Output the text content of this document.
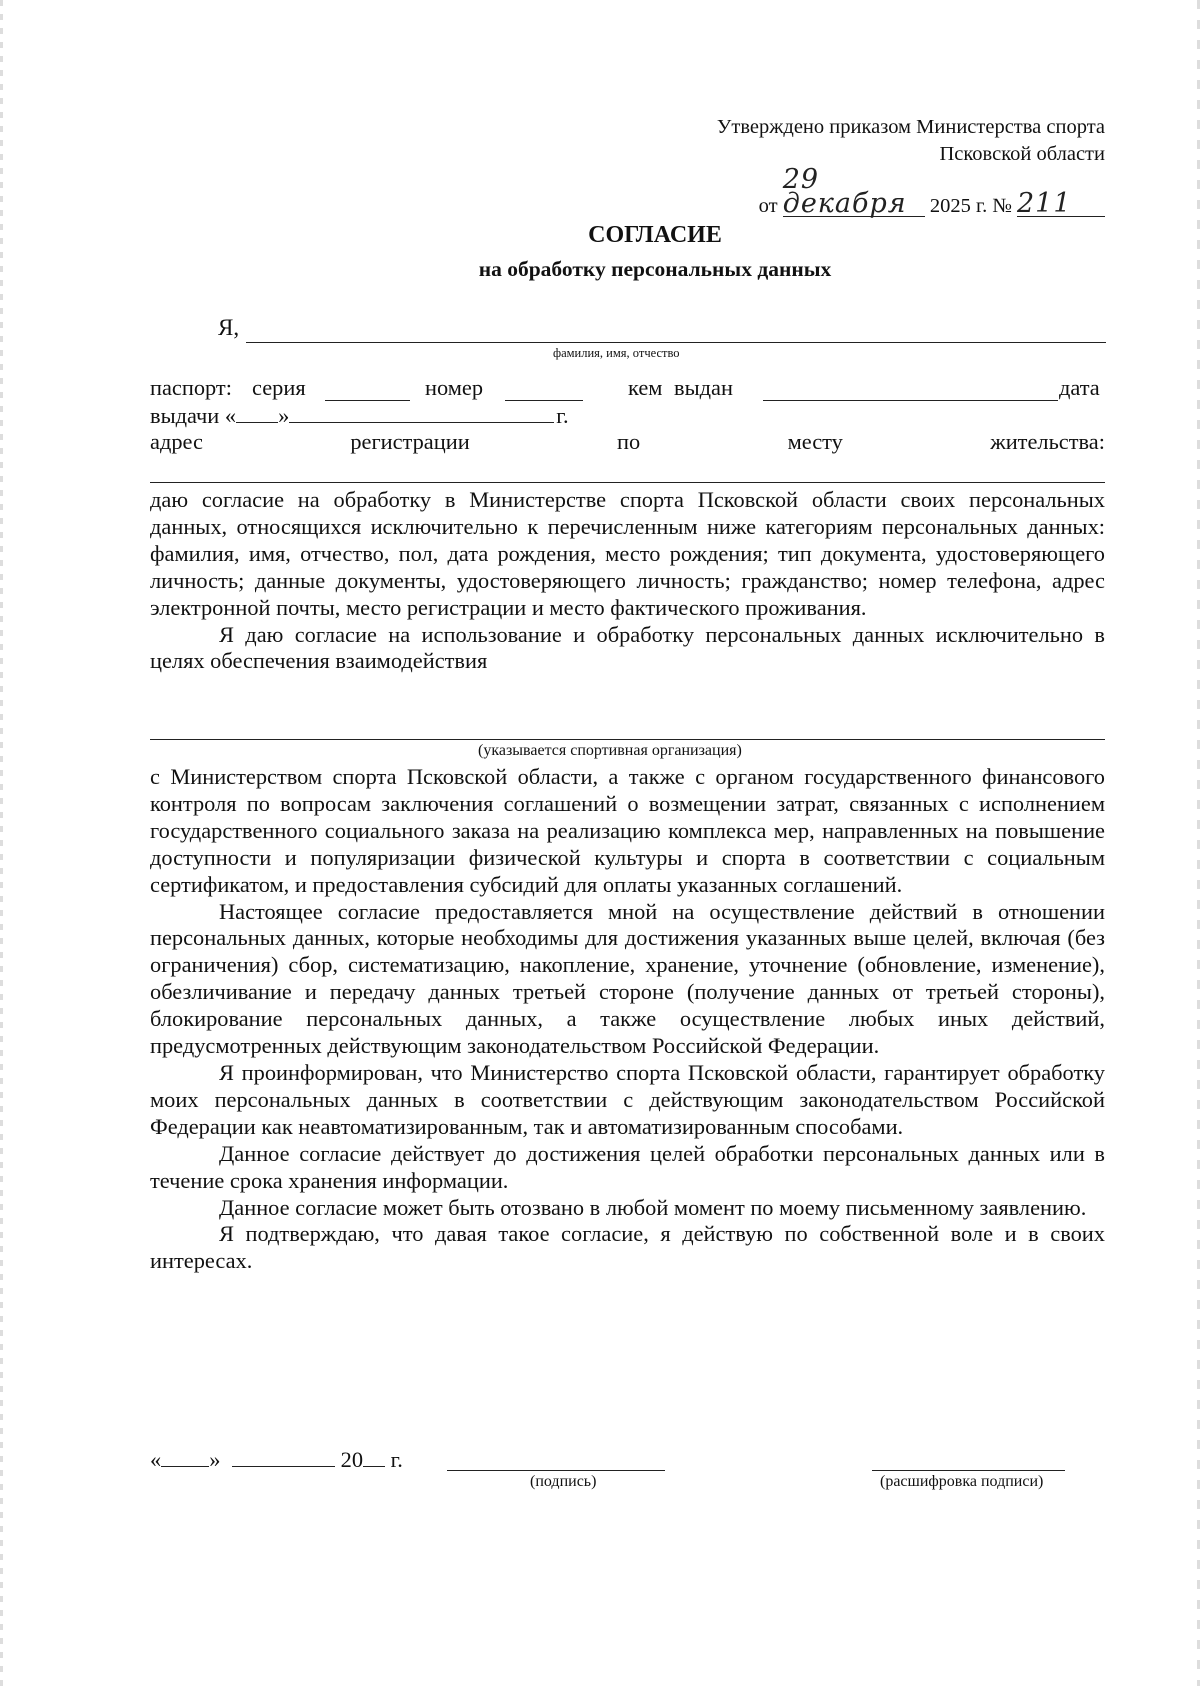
Утверждено приказом Министерства спорта
Псковской области
от 29 декабря 2025 г. № 211
СОГЛАСИЕ
на обработку персональных данных
Я,
фамилия, имя, отчество
паспорт: серия	номер	кем выдан	дата
выдачи « »	г.
адрес	регистрации	по	месту	жительства:

даю согласие на обработку в Министерстве спорта Псковской области своих персональных данных, относящихся исключительно к перечисленным ниже категориям персональных данных: фамилия, имя, отчество, пол, дата рождения, место рождения; тип документа, удостоверяющего личность; данные документы, удостоверяющего личность; гражданство; номер телефона, адрес электронной почты, место регистрации и место фактического проживания.

Я даю согласие на использование и обработку персональных данных исключительно в целях обеспечения взаимодействия

(указывается спортивная организация)

с Министерством спорта Псковской области, а также с органом государственного финансового контроля по вопросам заключения соглашений о возмещении затрат, связанных с исполнением государственного социального заказа на реализацию комплекса мер, направленных на повышение доступности и популяризации физической культуры и спорта в соответствии с социальным сертификатом, и предоставления субсидий для оплаты указанных соглашений.

Настоящее согласие предоставляется мной на осуществление действий в отношении персональных данных, которые необходимы для достижения указанных выше целей, включая (без ограничения) сбор, систематизацию, накопление, хранение, уточнение (обновление, изменение), обезличивание и передачу данных третьей стороне (получение данных от третьей стороны), блокирование персональных данных, а также осуществление любых иных действий, предусмотренных действующим законодательством Российской Федерации.

Я проинформирован, что Министерство спорта Псковской области, гарантирует обработку моих персональных данных в соответствии с действующим законодательством Российской Федерации как неавтоматизированным, так и автоматизированным способами.

Данное согласие действует до достижения целей обработки персональных данных или в течение срока хранения информации.

Данное согласие может быть отозвано в любой момент по моему письменному заявлению.

Я подтверждаю, что давая такое согласие, я действую по собственной воле и в своих интересах.

« »	20 г.
(подпись)	(расшифровка подписи)
